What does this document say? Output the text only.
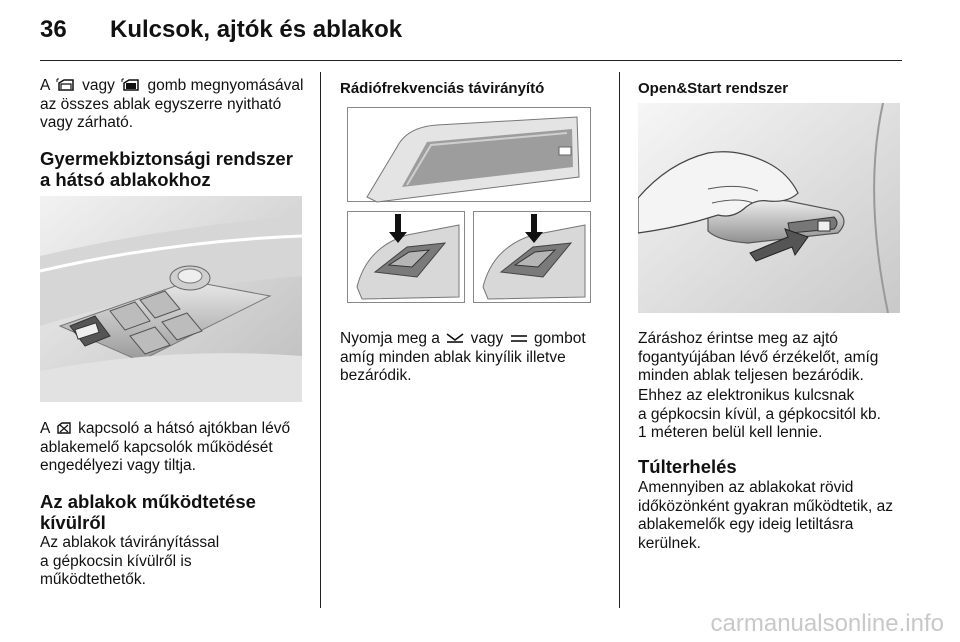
36 Kulcsok, ajtók és ablakok
A vagy gomb megnyomásával
az összes ablak egyszerre nyitható
vagy zárható.
Gyermekbiztonsági rendszer
a hátsó ablakokhoz
A kapcsoló a hátsó ajtókban lévő
ablakemelő kapcsolók működését
engedélyezi vagy tiltja.
Az ablakok működtetése
kívülről
Az ablakok távirányítással
a gépkocsin kívülről is
működtethetők.
Rádiófrekvenciás távirányító
Nyomja meg a vagy gombot
amíg minden ablak kinyílik illetve
bezáródik.
Open&Start rendszer
Záráshoz érintse meg az ajtó
fogantyújában lévő érzékelőt, amíg
minden ablak teljesen bezáródik.
Ehhez az elektronikus kulcsnak
a gépkocsin kívül, a gépkocsitól kb.
1 méteren belül kell lennie.
Túlterhelés
Amennyiben az ablakokat rövid
időközönként gyakran működtetik, az
ablakemelők egy ideig letiltásra
kerülnek.
carmanualsonline.info
